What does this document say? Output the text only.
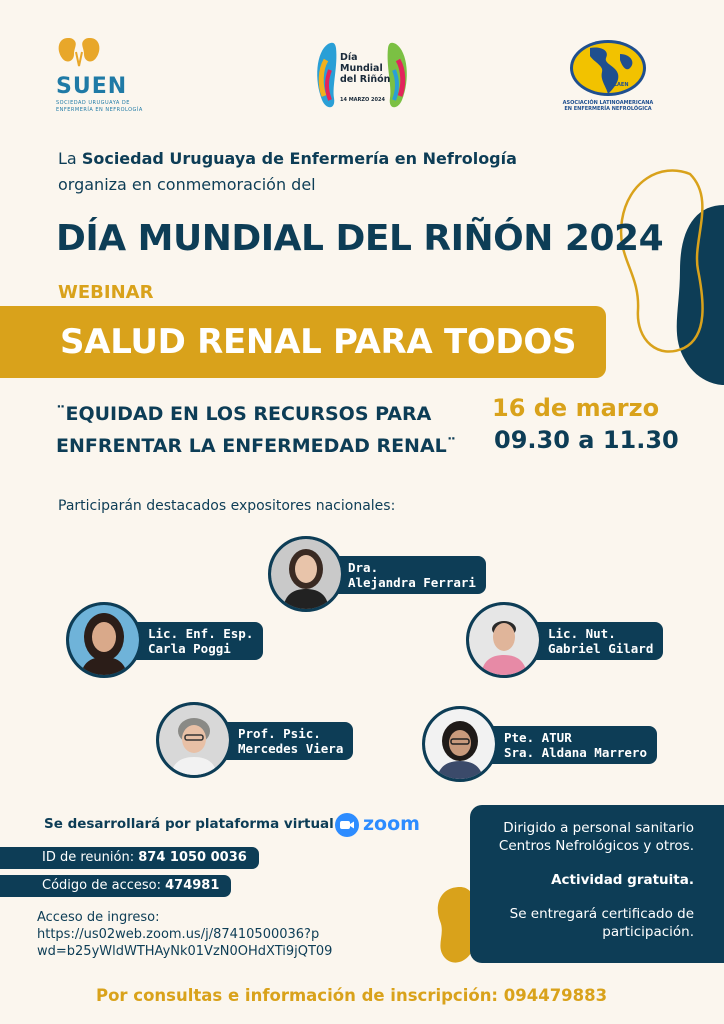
SUEN
SOCIEDAD URUGUAYA DE ENFERMERÍA EN NEFROLOGÍA
Día
Mundial
del Riñón
14 MARZO 2024
ALAEN
ASOCIACIÓN LATINOAMERICANA EN ENFERMERÍA NEFROLÓGICA
La Sociedad Uruguaya de Enfermería en Nefrología
organiza en conmemoración del
DÍA MUNDIAL DEL RIÑÓN 2024
WEBINAR
SALUD RENAL PARA TODOS
¨EQUIDAD EN LOS RECURSOS PARA
ENFRENTAR LA ENFERMEDAD RENAL¨
16 de marzo
09.30 a 11.30
Participarán destacados expositores nacionales:
Dra.
Alejandra Ferrari
Lic. Enf. Esp.
Carla Poggi
Lic. Nut.
Gabriel Gilard
Prof. Psic.
Mercedes Viera
Pte. ATUR
Sra. Aldana Marrero
Se desarrollará por plataforma virtual zoom
ID de reunión: 874 1050 0036
Código de acceso: 474981
Acceso de ingreso:
https://us02web.zoom.us/j/87410500036?p
wd=b25yWldWTHAyNk01VzN0OHdXTi9jQT09

Dirigido a personal sanitario
Centros Nefrológicos y otros.

Actividad gratuita.

Se entregará certificado de
participación.

Por consultas e información de inscripción: 094479883
